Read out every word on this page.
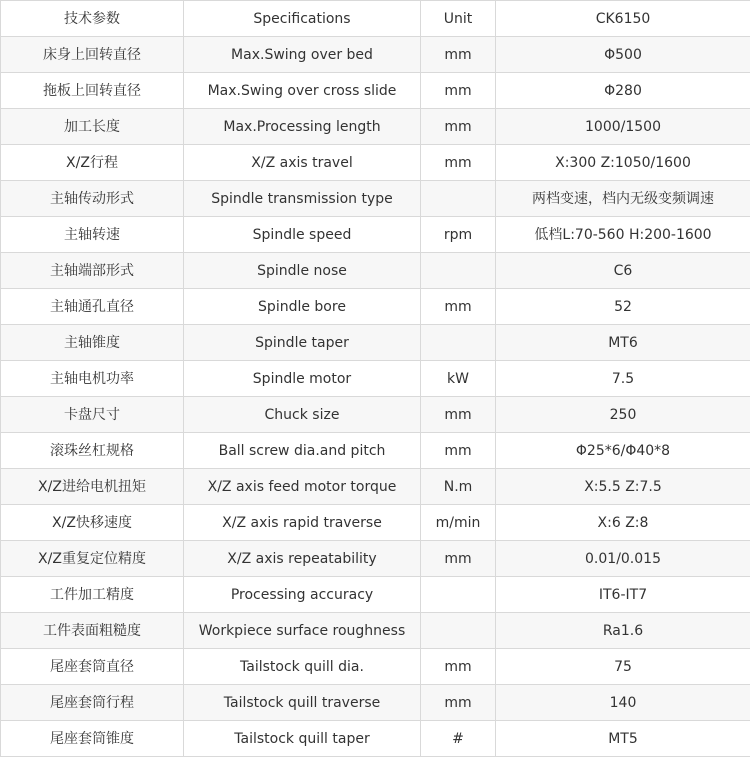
技术参数	Specifications	Unit	CK6150
床身上回转直径	Max.Swing over bed	mm	Φ500
拖板上回转直径	Max.Swing over cross slide	mm	Φ280
加工长度	Max.Processing length	mm	1000/1500
X/Z行程	X/Z axis travel	mm	X:300 Z:1050/1600
主轴传动形式	Spindle transmission type		两档变速，档内无级变频调速
主轴转速	Spindle speed	rpm	低档L:70-560 H:200-1600
主轴端部形式	Spindle nose		C6
主轴通孔直径	Spindle bore	mm	52
主轴锥度	Spindle taper		MT6
主轴电机功率	Spindle motor	kW	7.5
卡盘尺寸	Chuck size	mm	250
滚珠丝杠规格	Ball screw dia.and pitch	mm	Φ25*6/Φ40*8
X/Z进给电机扭矩	X/Z axis feed motor torque	N.m	X:5.5 Z:7.5
X/Z快移速度	X/Z axis rapid traverse	m/min	X:6 Z:8
X/Z重复定位精度	X/Z axis repeatability	mm	0.01/0.015
工件加工精度	Processing accuracy		IT6-IT7
工件表面粗糙度	Workpiece surface roughness		Ra1.6
尾座套筒直径	Tailstock quill dia.	mm	75
尾座套筒行程	Tailstock quill traverse	mm	140
尾座套筒锥度	Tailstock quill taper	#	MT5
